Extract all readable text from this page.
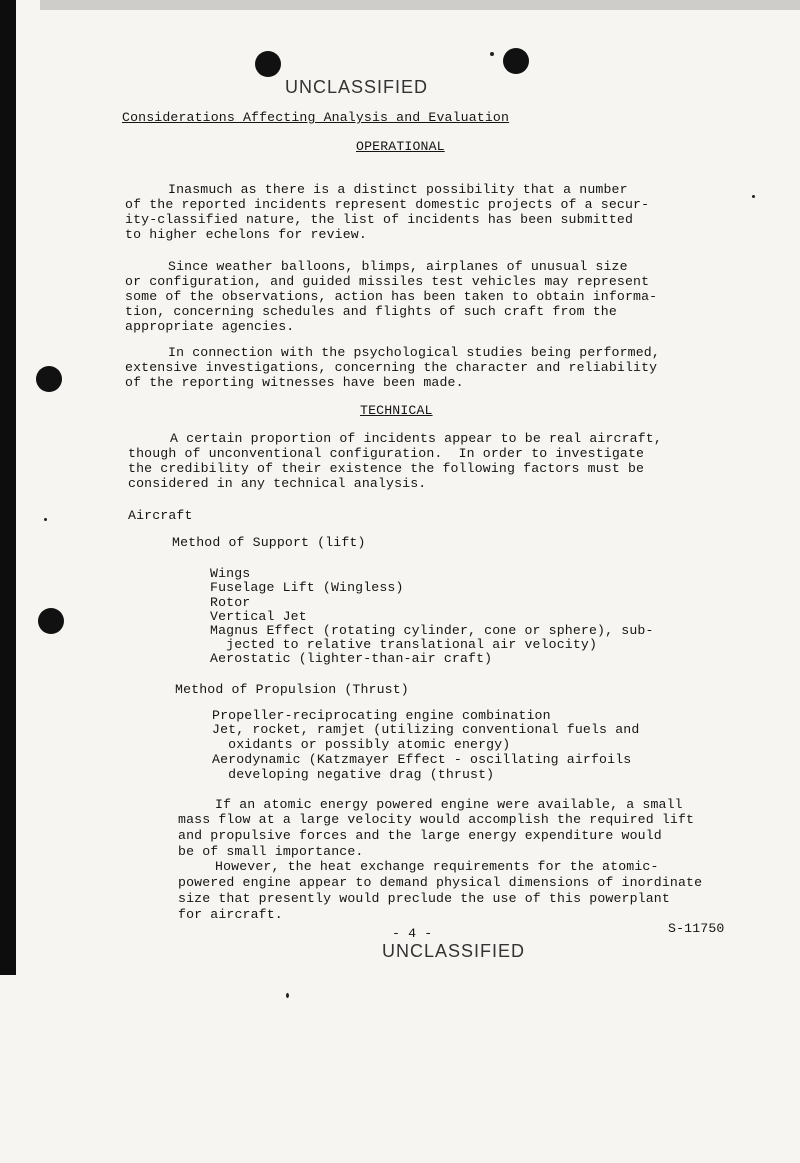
UNCLASSIFIED
Considerations Affecting Analysis and Evaluation
OPERATIONAL
Inasmuch as there is a distinct possibility that a number
of the reported incidents represent domestic projects of a secur-
ity-classified nature, the list of incidents has been submitted
to higher echelons for review.
Since weather balloons, blimps, airplanes of unusual size
or configuration, and guided missiles test vehicles may represent
some of the observations, action has been taken to obtain informa-
tion, concerning schedules and flights of such craft from the
appropriate agencies.
In connection with the psychological studies being performed,
extensive investigations, concerning the character and reliability
of the reporting witnesses have been made.
TECHNICAL
A certain proportion of incidents appear to be real aircraft,
though of unconventional configuration.  In order to investigate
the credibility of their existence the following factors must be
considered in any technical analysis.
Aircraft
Method of Support (lift)
Wings
Fuselage Lift (Wingless)
Rotor
Vertical Jet
Magnus Effect (rotating cylinder, cone or sphere), sub-
jected to relative translational air velocity)
Aerostatic (lighter-than-air craft)
Method of Propulsion (Thrust)
Propeller-reciprocating engine combination
Jet, rocket, ramjet (utilizing conventional fuels and
oxidants or possibly atomic energy)
Aerodynamic (Katzmayer Effect - oscillating airfoils
developing negative drag (thrust)
If an atomic energy powered engine were available, a small
mass flow at a large velocity would accomplish the required lift
and propulsive forces and the large energy expenditure would
be of small importance.
However, the heat exchange requirements for the atomic-
powered engine appear to demand physical dimensions of inordinate
size that presently would preclude the use of this powerplant
for aircraft.
- 4 -	S-11750
UNCLASSIFIED
